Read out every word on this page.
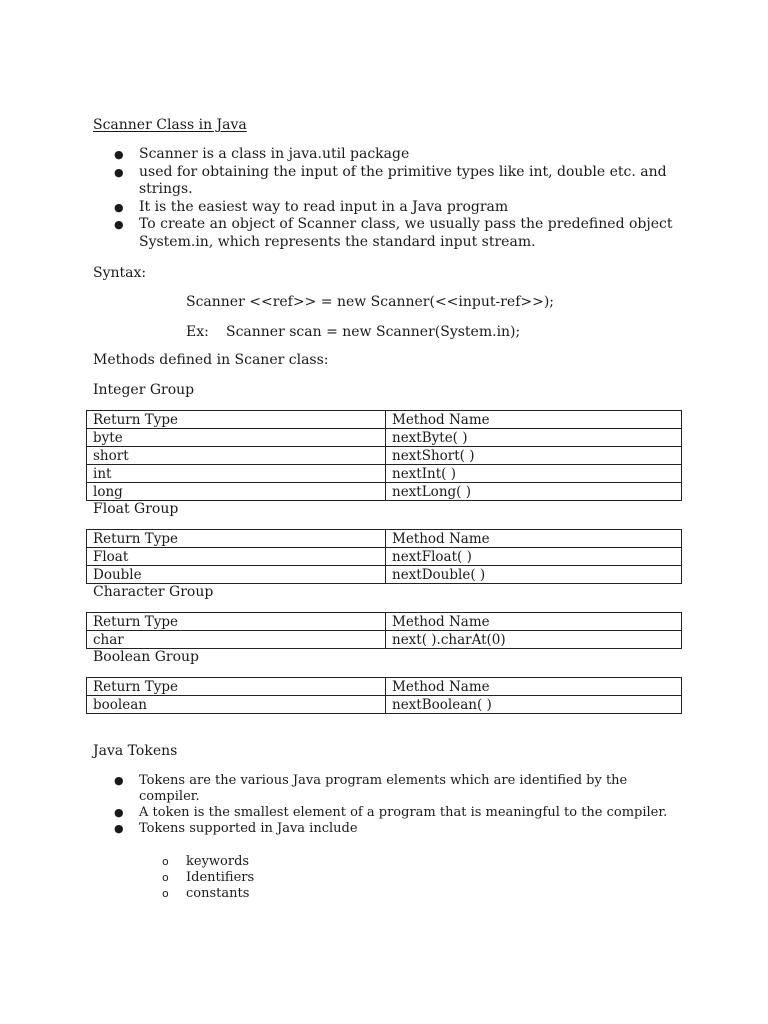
Scanner Class in Java
● Scanner is a class in java.util package
● used for obtaining the input of the primitive types like int, double etc. and strings.
● It is the easiest way to read input in a Java program
● To create an object of Scanner class, we usually pass the predefined object System.in, which represents the standard input stream.
Syntax:
Scanner <<ref>> = new Scanner(<<input-ref>>);
Ex: Scanner scan = new Scanner(System.in);
Methods defined in Scaner class:
Integer Group
Return Type	Method Name
byte	nextByte( )
short	nextShort( )
int	nextInt( )
long	nextLong( )
Float Group
Return Type	Method Name
Float	nextFloat( )
Double	nextDouble( )
Character Group
Return Type	Method Name
char	next( ).charAt(0)
Boolean Group
Return Type	Method Name
boolean	nextBoolean( )
Java Tokens
● Tokens are the various Java program elements which are identified by the compiler.
● A token is the smallest element of a program that is meaningful to the compiler.
● Tokens supported in Java include
o keywords
o Identifiers
o constants
